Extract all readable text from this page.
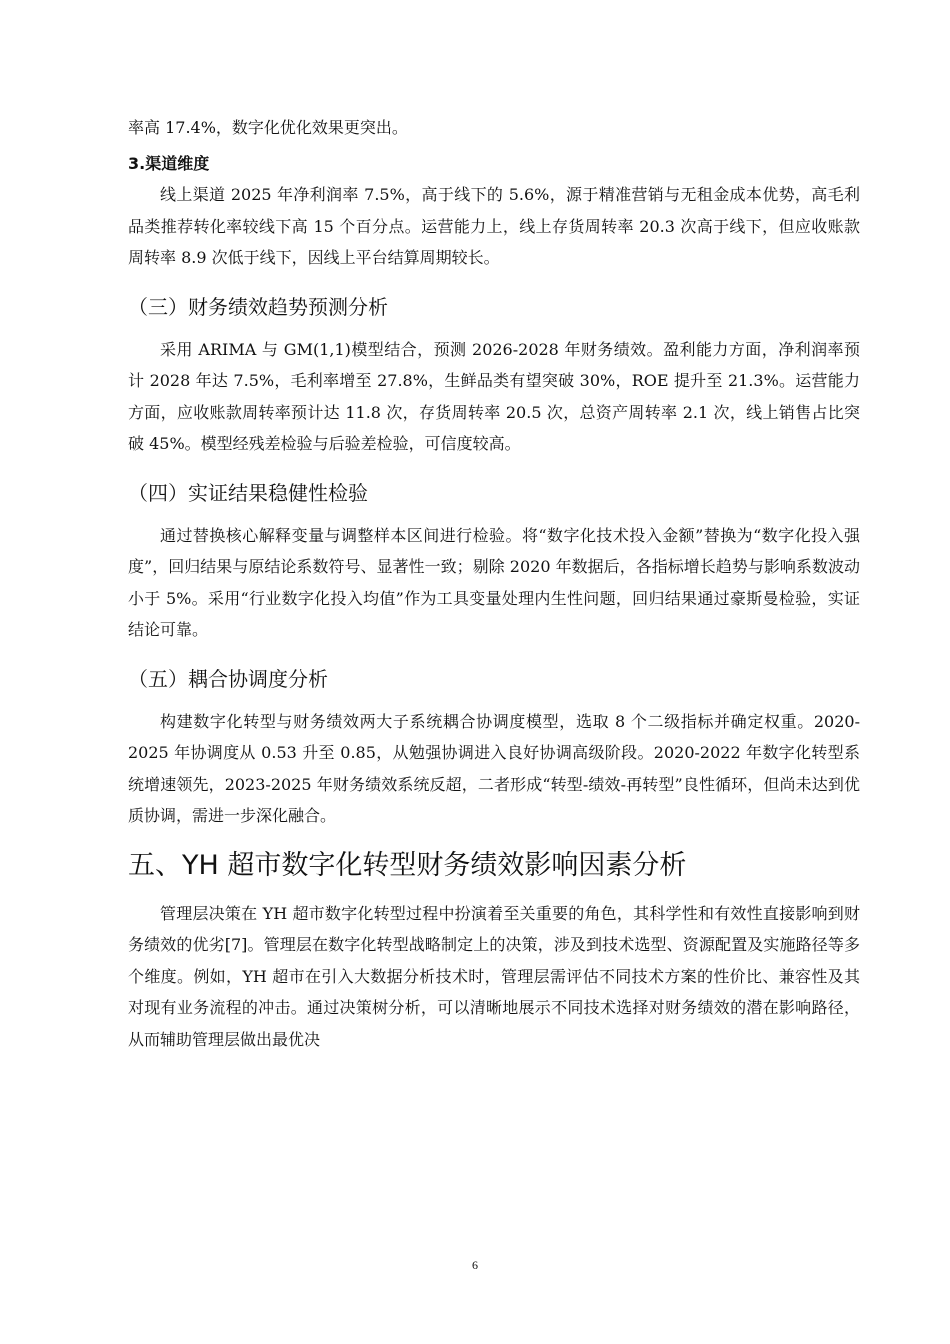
率高 17.4%，数字化优化效果更突出。

3.渠道维度

线上渠道 2025 年净利润率 7.5%，高于线下的 5.6%，源于精准营销与无租金成本优势，高毛利品类推荐转化率较线下高 15 个百分点。运营能力上，线上存货周转率 20.3 次高于线下，但应收账款周转率 8.9 次低于线下，因线上平台结算周期较长。

（三）财务绩效趋势预测分析

采用 ARIMA 与 GM(1,1)模型结合，预测 2026-2028 年财务绩效。盈利能力方面，净利润率预计 2028 年达 7.5%，毛利率增至 27.8%，生鲜品类有望突破 30%，ROE 提升至 21.3%。运营能力方面，应收账款周转率预计达 11.8 次，存货周转率 20.5 次，总资产周转率 2.1 次，线上销售占比突破 45%。模型经残差检验与后验差检验，可信度较高。

（四）实证结果稳健性检验

通过替换核心解释变量与调整样本区间进行检验。将“数字化技术投入金额”替换为“数字化投入强度”，回归结果与原结论系数符号、显著性一致；剔除 2020 年数据后，各指标增长趋势与影响系数波动小于 5%。采用“行业数字化投入均值”作为工具变量处理内生性问题，回归结果通过豪斯曼检验，实证结论可靠。

（五）耦合协调度分析

构建数字化转型与财务绩效两大子系统耦合协调度模型，选取 8 个二级指标并确定权重。2020-2025 年协调度从 0.53 升至 0.85，从勉强协调进入良好协调高级阶段。2020-2022 年数字化转型系统增速领先，2023-2025 年财务绩效系统反超，二者形成“转型-绩效-再转型”良性循环，但尚未达到优质协调，需进一步深化融合。

五、YH 超市数字化转型财务绩效影响因素分析

管理层决策在 YH 超市数字化转型过程中扮演着至关重要的角色，其科学性和有效性直接影响到财务绩效的优劣[7]。管理层在数字化转型战略制定上的决策，涉及到技术选型、资源配置及实施路径等多个维度。例如，YH 超市在引入大数据分析技术时，管理层需评估不同技术方案的性价比、兼容性及其对现有业务流程的冲击。通过决策树分析，可以清晰地展示不同技术选择对财务绩效的潜在影响路径，从而辅助管理层做出最优决

6
